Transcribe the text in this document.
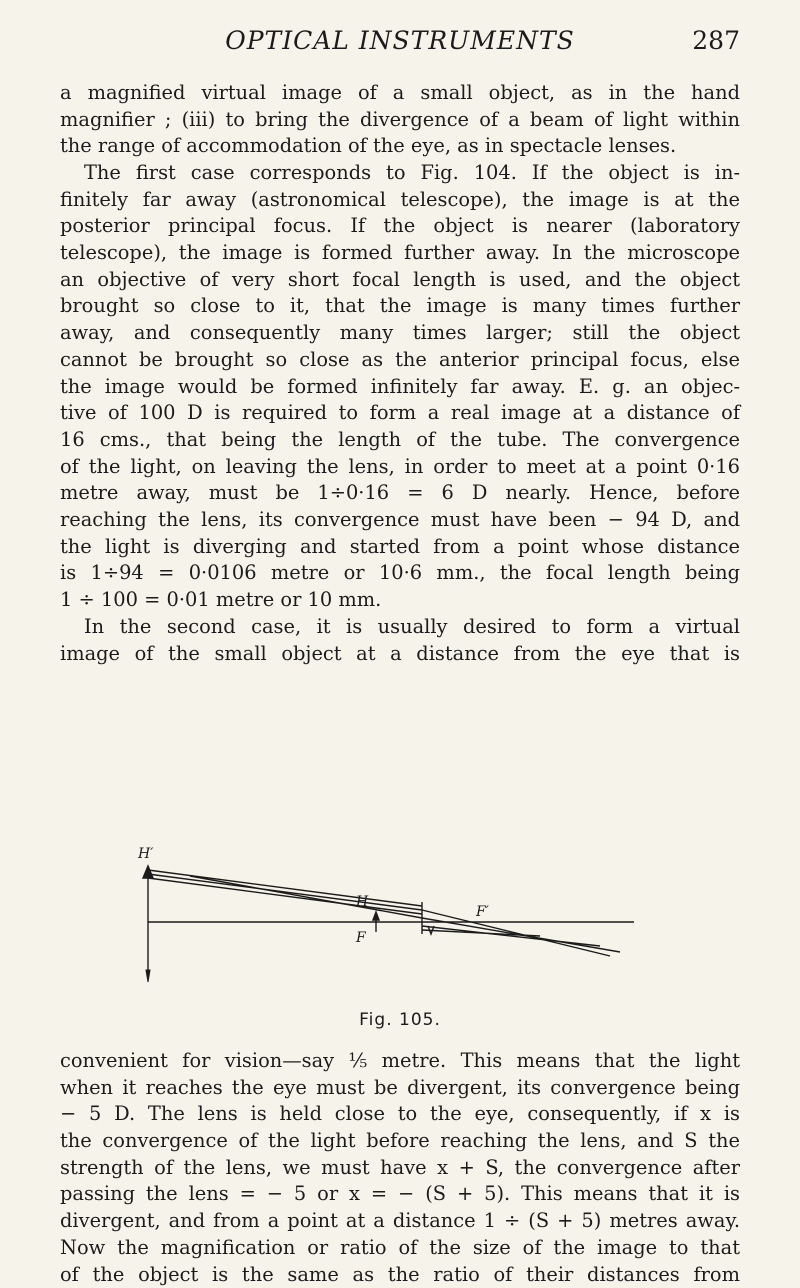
OPTICAL INSTRUMENTS	287
a magnified virtual image of a small object, as in the hand
magnifier ; (iii) to bring the divergence of a beam of light within
the range of accommodation of the eye, as in spectacle lenses.
The first case corresponds to Fig. 104. If the object is in-
finitely far away (astronomical telescope), the image is at the
posterior principal focus. If the object is nearer (laboratory
telescope), the image is formed further away. In the microscope
an objective of very short focal length is used, and the object
brought so close to it, that the image is many times further
away, and consequently many times larger; still the object
cannot be brought so close as the anterior principal focus, else
the image would be formed infinitely far away. E. g. an objec-
tive of 100 D is required to form a real image at a distance of
16 cms., that being the length of the tube. The convergence
of the light, on leaving the lens, in order to meet at a point 0·16
metre away, must be 1÷0·16 = 6 D nearly. Hence, before
reaching the lens, its convergence must have been − 94 D, and
the light is diverging and started from a point whose distance
is 1÷94 = 0·0106 metre or 10·6 mm., the focal length being
1 ÷ 100 = 0·01 metre or 10 mm.
In the second case, it is usually desired to form a virtual
image of the small object at a distance from the eye that is
H′
H
F
F′
Fig. 105.
convenient for vision—say ⅕ metre. This means that the light
when it reaches the eye must be divergent, its convergence being
− 5 D. The lens is held close to the eye, consequently, if x is
the convergence of the light before reaching the lens, and S the
strength of the lens, we must have x + S, the convergence after
passing the lens = − 5 or x = − (S + 5). This means that it is
divergent, and from a point at a distance 1 ÷ (S + 5) metres away.
Now the magnification or ratio of the size of the image to that
of the object is the same as the ratio of their distances from
